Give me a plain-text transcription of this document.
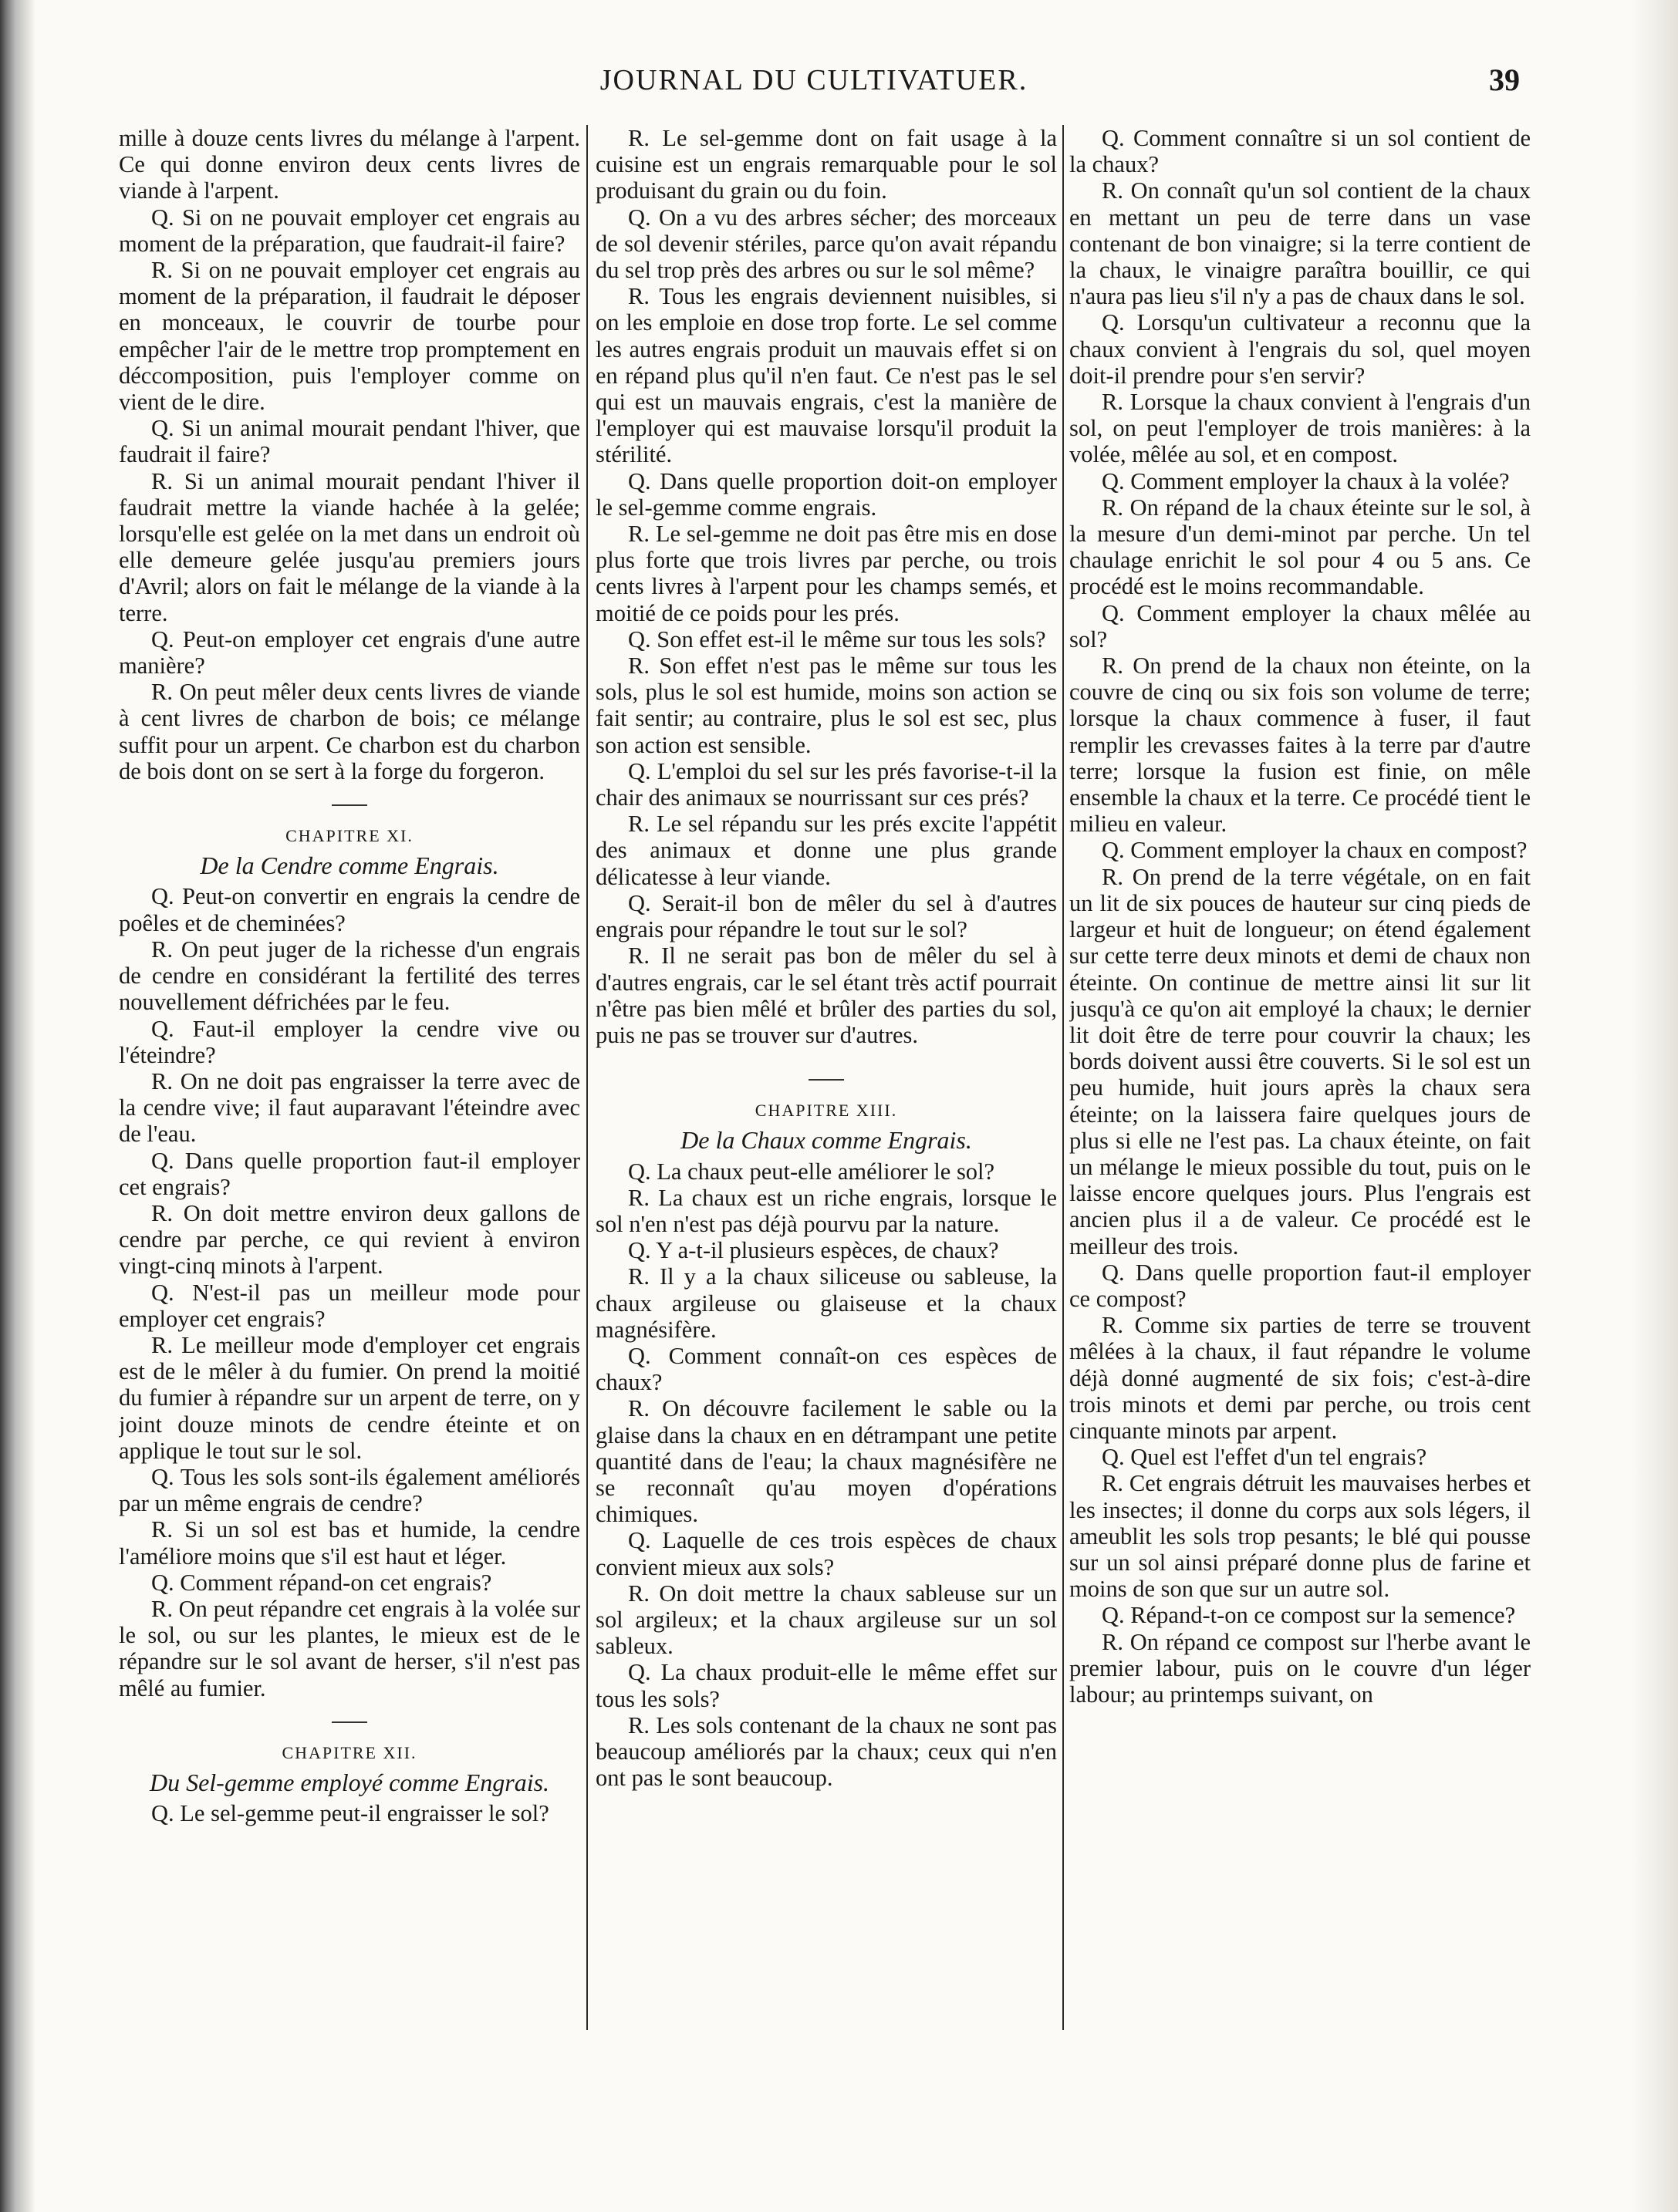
JOURNAL DU CULTIVATUER.	39

mille à douze cents livres du mélange à l'arpent. Ce qui donne environ deux cents livres de viande à l'arpent.

Q. Si on ne pouvait employer cet engrais au moment de la préparation, que faudrait-il faire?

R. Si on ne pouvait employer cet engrais au moment de la préparation, il faudrait le déposer en monceaux, le couvrir de tourbe pour empêcher l'air de le mettre trop promptement en déccomposition, puis l'employer comme on vient de le dire.

Q. Si un animal mourait pendant l'hiver, que faudrait il faire?

R. Si un animal mourait pendant l'hiver il faudrait mettre la viande hachée à la gelée; lorsqu'elle est gelée on la met dans un endroit où elle demeure gelée jusqu'au premiers jours d'Avril; alors on fait le mélange de la viande à la terre.

Q. Peut-on employer cet engrais d'une autre manière?

R. On peut mêler deux cents livres de viande à cent livres de charbon de bois; ce mélange suffit pour un arpent. Ce charbon est du charbon de bois dont on se sert à la forge du forgeron.

CHAPITRE XI.
De la Cendre comme Engrais.

Q. Peut-on convertir en engrais la cendre de poêles et de cheminées?

R. On peut juger de la richesse d'un engrais de cendre en considérant la fertilité des terres nouvellement défrichées par le feu.

Q. Faut-il employer la cendre vive ou l'éteindre?

R. On ne doit pas engraisser la terre avec de la cendre vive; il faut auparavant l'éteindre avec de l'eau.

Q. Dans quelle proportion faut-il employer cet engrais?

R. On doit mettre environ deux gallons de cendre par perche, ce qui revient à environ vingt-cinq minots à l'arpent.

Q. N'est-il pas un meilleur mode pour employer cet engrais?

R. Le meilleur mode d'employer cet engrais est de le mêler à du fumier. On prend la moitié du fumier à répandre sur un arpent de terre, on y joint douze minots de cendre éteinte et on applique le tout sur le sol.

Q. Tous les sols sont-ils également améliorés par un même engrais de cendre?

R. Si un sol est bas et humide, la cendre l'améliore moins que s'il est haut et léger.

Q. Comment répand-on cet engrais?

R. On peut répandre cet engrais à la volée sur le sol, ou sur les plantes, le mieux est de le répandre sur le sol avant de herser, s'il n'est pas mêlé au fumier.

CHAPITRE XII.
Du Sel-gemme employé comme Engrais.

Q. Le sel-gemme peut-il engraisser le sol?

R. Le sel-gemme dont on fait usage à la cuisine est un engrais remarquable pour le sol produisant du grain ou du foin.

Q. On a vu des arbres sécher; des morceaux de sol devenir stériles, parce qu'on avait répandu du sel trop près des arbres ou sur le sol même?

R. Tous les engrais deviennent nuisibles, si on les emploie en dose trop forte. Le sel comme les autres engrais produit un mauvais effet si on en répand plus qu'il n'en faut. Ce n'est pas le sel qui est un mauvais engrais, c'est la manière de l'employer qui est mauvaise lorsqu'il produit la stérilité.

Q. Dans quelle proportion doit-on employer le sel-gemme comme engrais.

R. Le sel-gemme ne doit pas être mis en dose plus forte que trois livres par perche, ou trois cents livres à l'arpent pour les champs semés, et moitié de ce poids pour les prés.

Q. Son effet est-il le même sur tous les sols?

R. Son effet n'est pas le même sur tous les sols, plus le sol est humide, moins son action se fait sentir; au contraire, plus le sol est sec, plus son action est sensible.

Q. L'emploi du sel sur les prés favorise-t-il la chair des animaux se nourrissant sur ces prés?

R. Le sel répandu sur les prés excite l'appétit des animaux et donne une plus grande délicatesse à leur viande.

Q. Serait-il bon de mêler du sel à d'autres engrais pour répandre le tout sur le sol?

R. Il ne serait pas bon de mêler du sel à d'autres engrais, car le sel étant très actif pourrait n'être pas bien mêlé et brûler des parties du sol, puis ne pas se trouver sur d'autres.

CHAPITRE XIII.
De la Chaux comme Engrais.

Q. La chaux peut-elle améliorer le sol?

R. La chaux est un riche engrais, lorsque le sol n'en n'est pas déjà pourvu par la nature.

Q. Y a-t-il plusieurs espèces, de chaux?

R. Il y a la chaux siliceuse ou sableuse, la chaux argileuse ou glaiseuse et la chaux magnésifère.

Q. Comment connaît-on ces espèces de chaux?

R. On découvre facilement le sable ou la glaise dans la chaux en en détrampant une petite quantité dans de l'eau; la chaux magnésifère ne se reconnaît qu'au moyen d'opérations chimiques.

Q. Laquelle de ces trois espèces de chaux convient mieux aux sols?

R. On doit mettre la chaux sableuse sur un sol argileux; et la chaux argileuse sur un sol sableux.

Q. La chaux produit-elle le même effet sur tous les sols?

R. Les sols contenant de la chaux ne sont pas beaucoup améliorés par la chaux; ceux qui n'en ont pas le sont beaucoup.

Q. Comment connaître si un sol contient de la chaux?

R. On connaît qu'un sol contient de la chaux en mettant un peu de terre dans un vase contenant de bon vinaigre; si la terre contient de la chaux, le vinaigre paraîtra bouillir, ce qui n'aura pas lieu s'il n'y a pas de chaux dans le sol.

Q. Lorsqu'un cultivateur a reconnu que la chaux convient à l'engrais du sol, quel moyen doit-il prendre pour s'en servir?

R. Lorsque la chaux convient à l'engrais d'un sol, on peut l'employer de trois manières: à la volée, mêlée au sol, et en compost.

Q. Comment employer la chaux à la volée?

R. On répand de la chaux éteinte sur le sol, à la mesure d'un demi-minot par perche. Un tel chaulage enrichit le sol pour 4 ou 5 ans. Ce procédé est le moins recommandable.

Q. Comment employer la chaux mêlée au sol?

R. On prend de la chaux non éteinte, on la couvre de cinq ou six fois son volume de terre; lorsque la chaux commence à fuser, il faut remplir les crevasses faites à la terre par d'autre terre; lorsque la fusion est finie, on mêle ensemble la chaux et la terre. Ce procédé tient le milieu en valeur.

Q. Comment employer la chaux en compost?

R. On prend de la terre végétale, on en fait un lit de six pouces de hauteur sur cinq pieds de largeur et huit de longueur; on étend également sur cette terre deux minots et demi de chaux non éteinte. On continue de mettre ainsi lit sur lit jusqu'à ce qu'on ait employé la chaux; le dernier lit doit être de terre pour couvrir la chaux; les bords doivent aussi être couverts. Si le sol est un peu humide, huit jours après la chaux sera éteinte; on la laissera faire quelques jours de plus si elle ne l'est pas. La chaux éteinte, on fait un mélange le mieux possible du tout, puis on le laisse encore quelques jours. Plus l'engrais est ancien plus il a de valeur. Ce procédé est le meilleur des trois.

Q. Dans quelle proportion faut-il employer ce compost?

R. Comme six parties de terre se trouvent mêlées à la chaux, il faut répandre le volume déjà donné augmenté de six fois; c'est-à-dire trois minots et demi par perche, ou trois cent cinquante minots par arpent.

Q. Quel est l'effet d'un tel engrais?

R. Cet engrais détruit les mauvaises herbes et les insectes; il donne du corps aux sols légers, il ameublit les sols trop pesants; le blé qui pousse sur un sol ainsi préparé donne plus de farine et moins de son que sur un autre sol.

Q. Répand-t-on ce compost sur la semence?

R. On répand ce compost sur l'herbe avant le premier labour, puis on le couvre d'un léger labour; au printemps suivant, on
